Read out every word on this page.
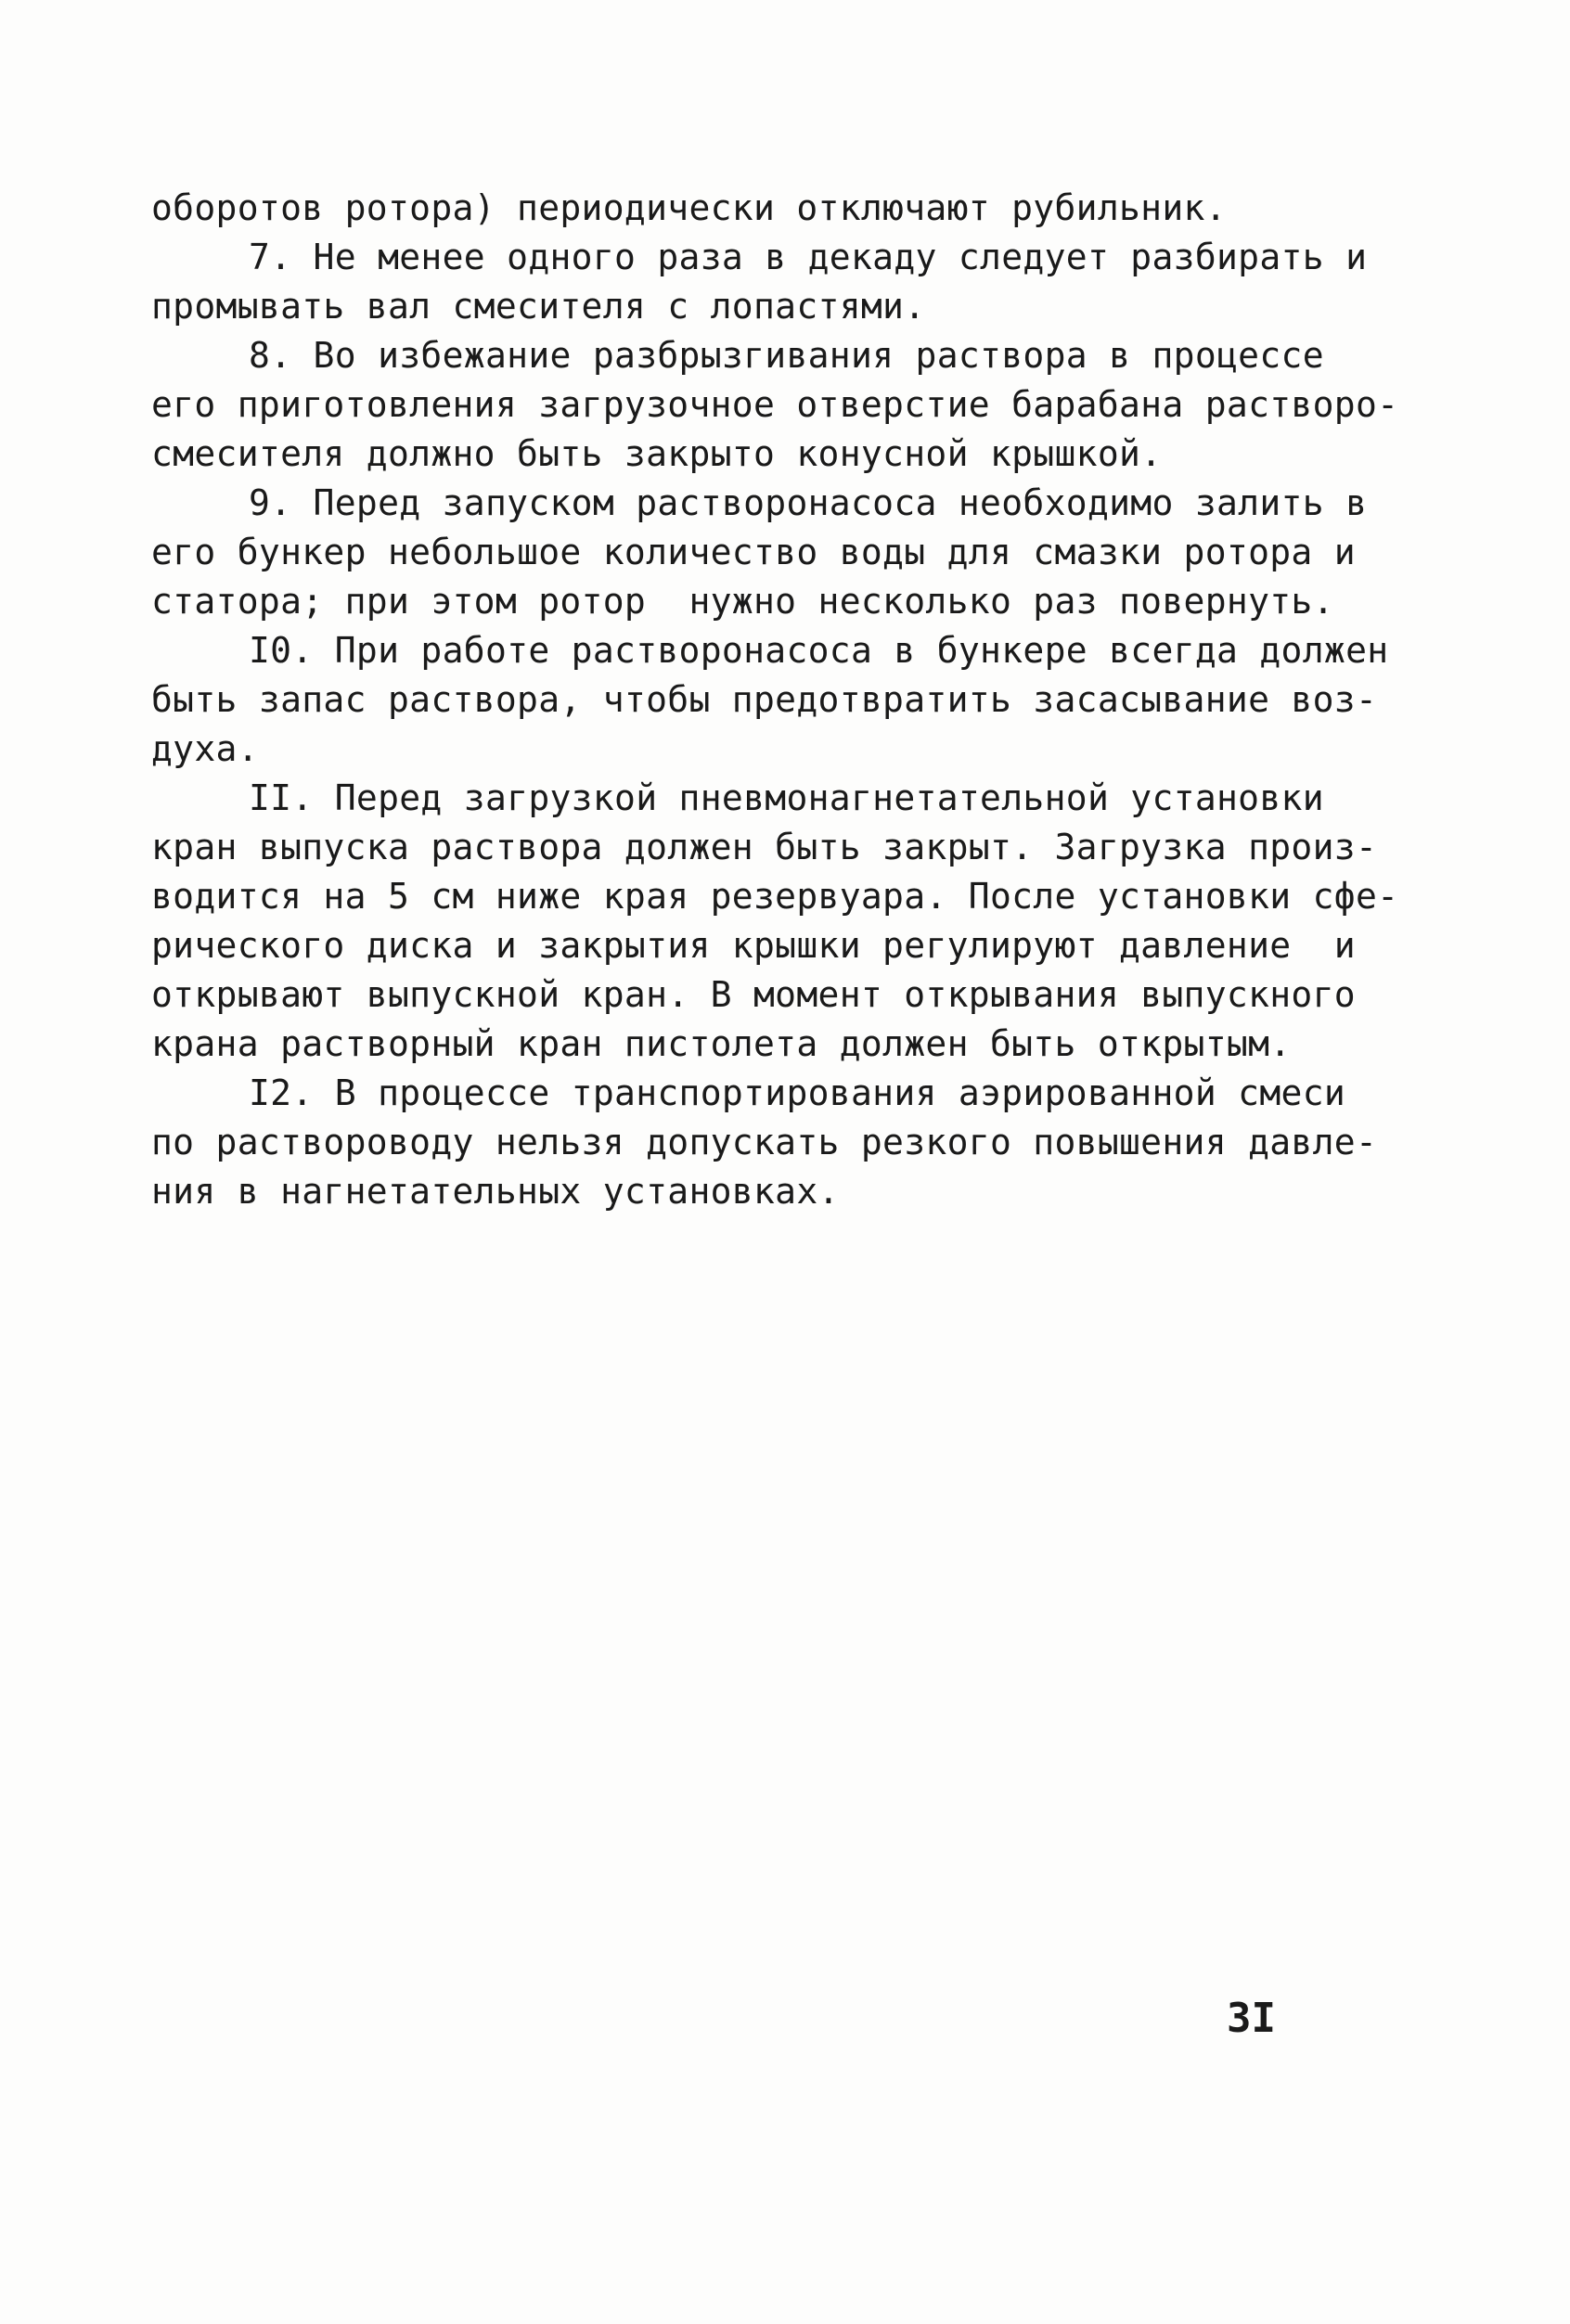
оборотов ротора) периодически отключают рубильник.
7. Не менее одного раза в декаду следует разбирать и
промывать вал смесителя с лопастями.
8. Во избежание разбрызгивания раствора в процессе
его приготовления загрузочное отверстие барабана растворо-
смесителя должно быть закрыто конусной крышкой.
9. Перед запуском растворонасоса необходимо залить в
его бункер небольшое количество воды для смазки ротора и
статора; при этом ротор  нужно несколько раз повернуть.
I0. При работе растворонасоса в бункере всегда должен
быть запас раствора, чтобы предотвратить засасывание воз-
духа.
II. Перед загрузкой пневмонагнетательной установки
кран выпуска раствора должен быть закрыт. Загрузка произ-
водится на 5 см ниже края резервуара. После установки сфе-
рического диска и закрытия крышки регулируют давление  и
открывают выпускной кран. В момент открывания выпускного
крана растворный кран пистолета должен быть открытым.
I2. В процессе транспортирования аэрированной смеси
по раствороводу нельзя допускать резкого повышения давле-
ния в нагнетательных установках.
3I
